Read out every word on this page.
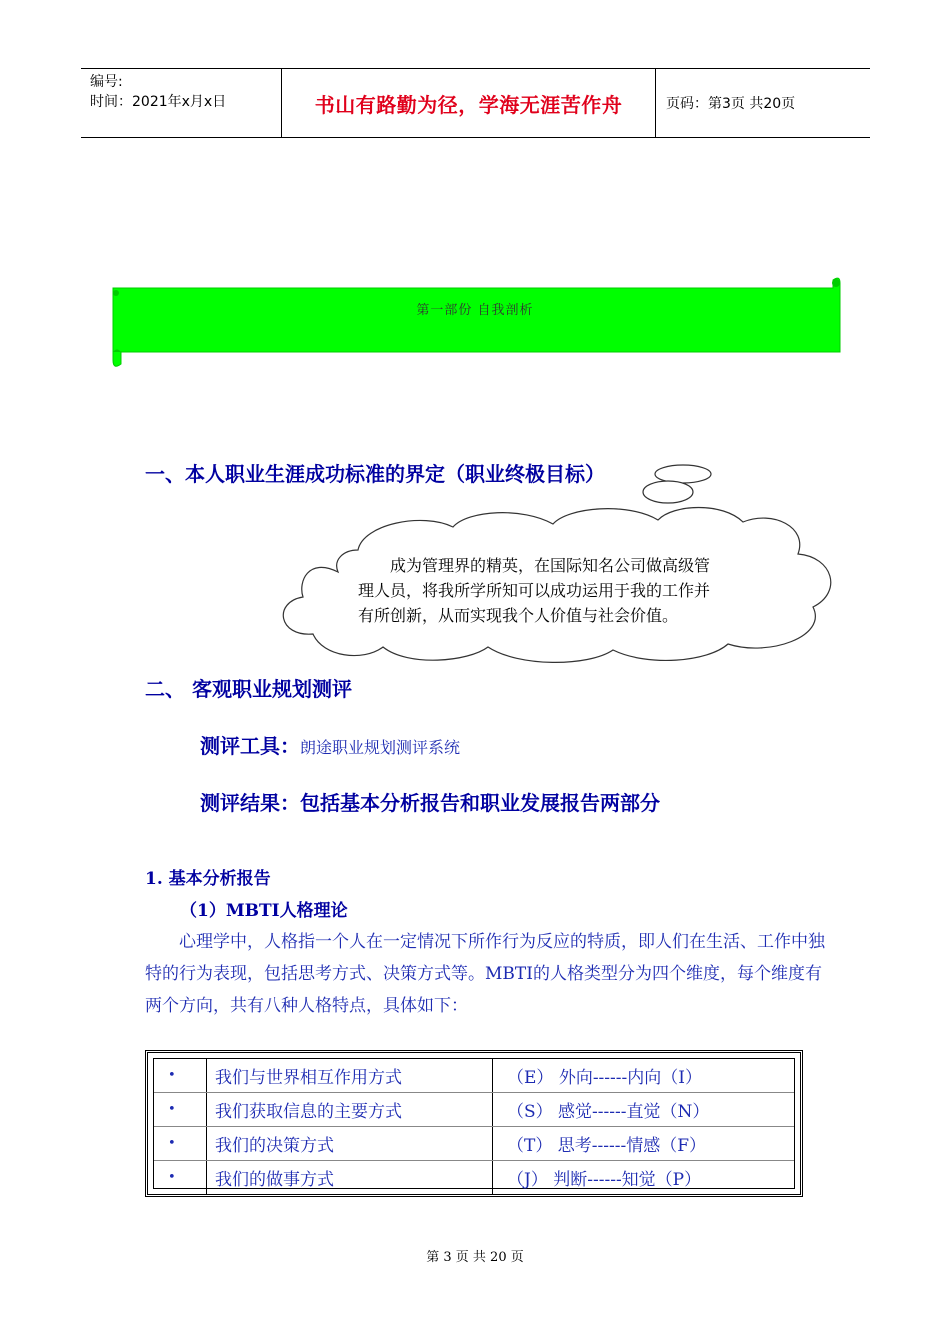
编号:
时间：2021年x月x日	书山有路勤为径，学海无涯苦作舟	页码：第3页 共20页
第一部份 自我剖析
一、本人职业生涯成功标准的界定（职业终极目标）
　　成为管理界的精英，在国际知名公司做高级管理人员，将我所学所知可以成功运用于我的工作并有所创新，从而实现我个人价值与社会价值。
二、 客观职业规划测评
测评工具：朗途职业规划测评系统
测评结果：包括基本分析报告和职业发展报告两部分
1. 基本分析报告
（1）MBTI人格理论
　　心理学中，人格指一个人在一定情况下所作行为反应的特质，即人们在生活、工作中独特的行为表现，包括思考方式、决策方式等。MBTI的人格类型分为四个维度，每个维度有两个方向，共有八种人格特点，具体如下：
•	我们与世界相互作用方式	（E） 外向------内向（I）
•	我们获取信息的主要方式	（S） 感觉------直觉（N）
•	我们的决策方式	（T） 思考------情感（F）
•	我们的做事方式	（J） 判断------知觉（P）
第 3 页 共 20 页
